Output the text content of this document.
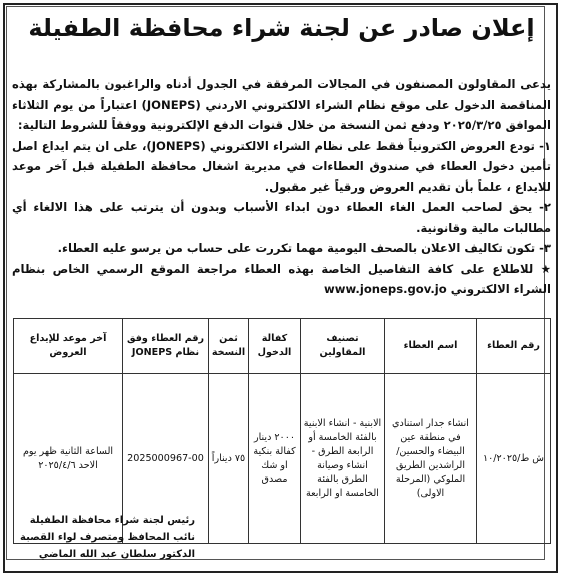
إعلان صادر عن لجنة شراء محافظة الطفيلة

يدعى المقاولون المصنفون في المجالات المرفقة في الجدول أدناه والراغبون بالمشاركة بهذه المناقصة الدخول على موقع نظام الشراء الالكتروني الاردني (JONEPS) اعتباراً من يوم الثلاثاء الموافق ٢٠٢٥/٣/٢٥ ودفع ثمن النسخة من خلال قنوات الدفع الإلكترونية ووفقاً للشروط التالية:

١- تودع العروض الكترونياً فقط على نظام الشراء الالكتروني (JONEPS)، على ان يتم ايداع اصل تأمين دخول العطاء في صندوق العطاءات في مديرية اشغال محافظة الطفيلة قبل آخر موعد للايداع ، علماً بأن تقديم العروض ورقياً غير مقبول.

٢- يحق لصاحب العمل الغاء العطاء دون ابداء الأسباب وبدون أن يترتب على هذا الالغاء أي مطالبات مالية وقانونية.

٣- تكون تكاليف الاعلان بالصحف اليومية مهما تكررت على حساب من يرسو عليه العطاء.

★ للاطلاع على كافة التفاصيل الخاصة بهذه العطاء مراجعة الموقع الرسمي الخاص بنظام الشراء الالكتروني www.joneps.gov.jo

رقم العطاء	اسم العطاء	تصنيف المقاولين	كفالة الدخول	ثمن النسخة	رقم العطاء وفق نظام JONEPS	آخر موعد للإيداع العروض
ش ط/١٠/٢٠٢٥	انشاء جدار استنادي في منطقة عين البيضاء والحسين/ الراشدين الطريق الملوكي (المرحلة الاولى)	الابنية - انشاء الابنية بالفئة الخامسة أو الرابعة الطرق - انشاء وصيانة الطرق بالفئة الخامسة او الرابعة	٢٠٠٠ دينار كفالة بنكية او شك مصدق	٧٥ ديناراً	2025000967-00	الساعة الثانية ظهر يوم الاحد ٢٠٢٥/٤/٦
رئيس لجنة شراء محافظة الطفيلة
نائب المحافظ ومتصرف لواء القصبة
الدكتور سلطان عبد الله الماضي
